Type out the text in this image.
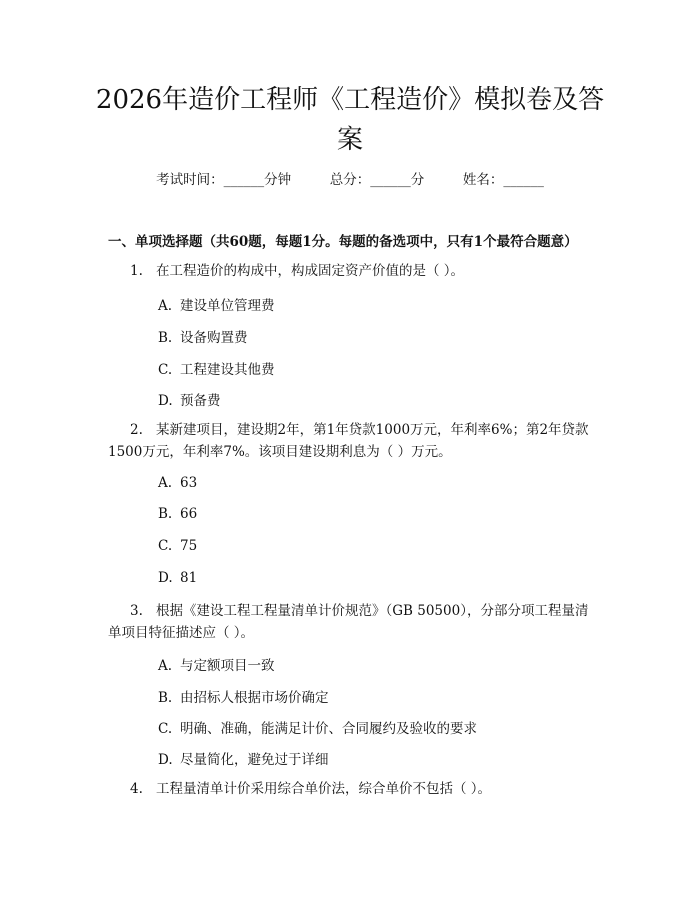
2026年造价工程师《工程造价》模拟卷及答案
考试时间：______分钟	总分：______分	姓名：______
一、单项选择题（共60题，每题1分。每题的备选项中，只有1个最符合题意）
1. 在工程造价的构成中，构成固定资产价值的是（ ）。
A. 建设单位管理费
B. 设备购置费
C. 工程建设其他费
D. 预备费
2. 某新建项目，建设期2年，第1年贷款1000万元，年利率6%；第2年贷款1500万元，年利率7%。该项目建设期利息为（ ）万元。
A. 63
B. 66
C. 75
D. 81
3. 根据《建设工程工程量清单计价规范》（GB 50500），分部分项工程量清单项目特征描述应（ ）。
A. 与定额项目一致
B. 由招标人根据市场价确定
C. 明确、准确，能满足计价、合同履约及验收的要求
D. 尽量简化，避免过于详细
4. 工程量清单计价采用综合单价法，综合单价不包括（ ）。
